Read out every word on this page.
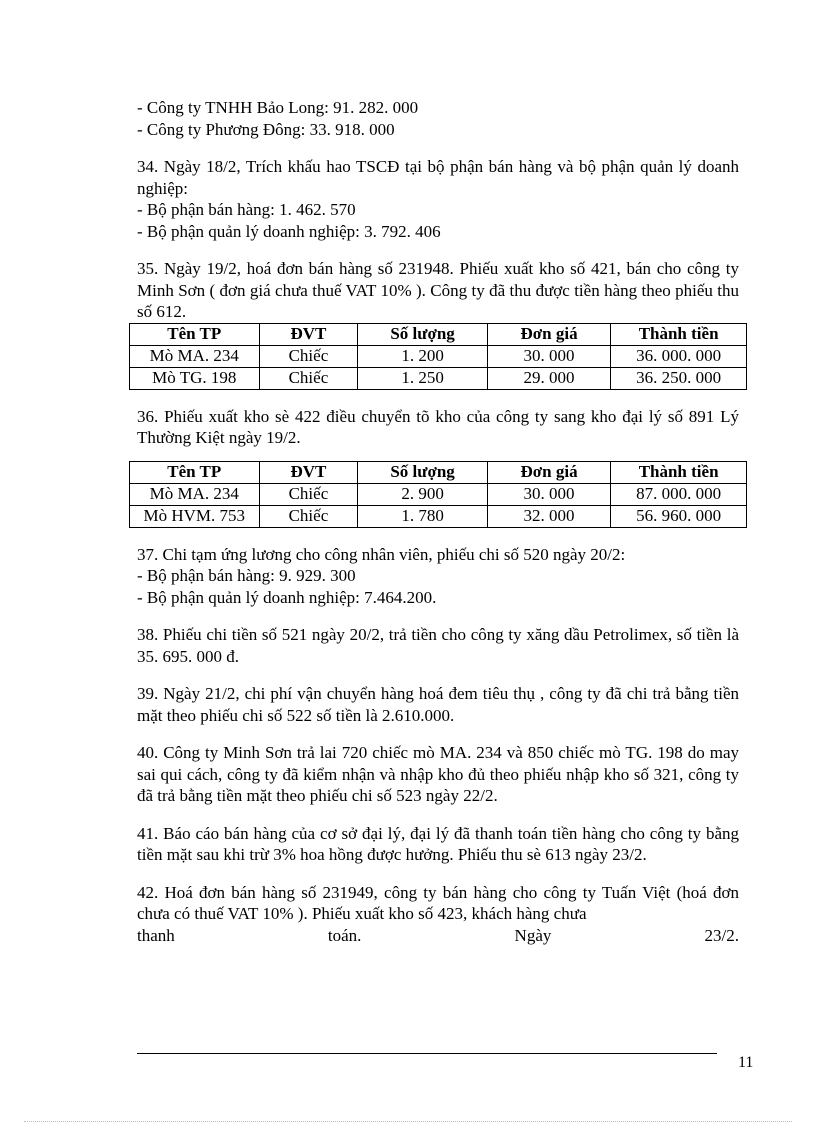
- Công ty TNHH Bảo Long: 91. 282. 000
- Công ty Phương Đông: 33. 918. 000
34. Ngày 18/2, Trích khấu hao TSCĐ tại bộ phận bán hàng và bộ phận quản lý doanh nghiệp:
- Bộ phận bán hàng: 1. 462. 570
- Bộ phận quản lý doanh nghiệp: 3. 792. 406
35. Ngày 19/2, hoá đơn bán hàng số 231948. Phiếu xuất kho số 421, bán cho công ty Minh Sơn ( đơn giá chưa thuế VAT 10% ). Công ty đã thu được tiền hàng theo phiếu thu số 612.
Tên TP	ĐVT	Số lượng	Đơn giá	Thành tiền
Mò MA. 234	Chiếc	1. 200	30. 000	36. 000. 000
Mò TG. 198	Chiếc	1. 250	29. 000	36. 250. 000
36. Phiếu xuất kho sè 422 điều chuyển tõ kho của công ty sang kho đại lý số 891 Lý Thường Kiệt ngày 19/2.
Tên TP	ĐVT	Số lượng	Đơn giá	Thành tiền
Mò MA. 234	Chiếc	2. 900	30. 000	87. 000. 000
Mò HVM. 753	Chiếc	1. 780	32. 000	56. 960. 000
37. Chi tạm ứng lương cho công nhân viên, phiếu chi số 520 ngày 20/2:
- Bộ phận bán hàng: 9. 929. 300
- Bộ phận quản lý doanh nghiệp: 7.464.200.
38. Phiếu chi tiền số 521 ngày 20/2, trả tiền cho công ty xăng dầu Petrolimex, số tiền là 35. 695. 000 đ.
39. Ngày 21/2, chi phí vận chuyển hàng hoá đem tiêu thụ , công ty đã chi trả bằng tiền mặt theo phiếu chi số 522 số tiền là 2.610.000.
40. Công ty Minh Sơn trả lai 720 chiếc mò MA. 234 và 850 chiếc mò TG. 198 do may sai qui cách, công ty đã kiểm nhận và nhập kho đủ theo phiếu nhập kho số 321, công ty đã trả bằng tiền mặt theo phiếu chi số 523 ngày 22/2.
41. Báo cáo bán hàng của cơ sở đại lý, đại lý đã thanh toán tiền hàng cho công ty bằng tiền mặt sau khi trừ 3% hoa hồng được hưởng. Phiếu thu sè 613 ngày 23/2.
42. Hoá đơn bán hàng số 231949, công ty bán hàng cho công ty Tuấn Việt (hoá đơn chưa có thuế VAT 10% ). Phiếu xuất kho số 423, khách hàng chưa
thanh toán. Ngày 23/2.
11
